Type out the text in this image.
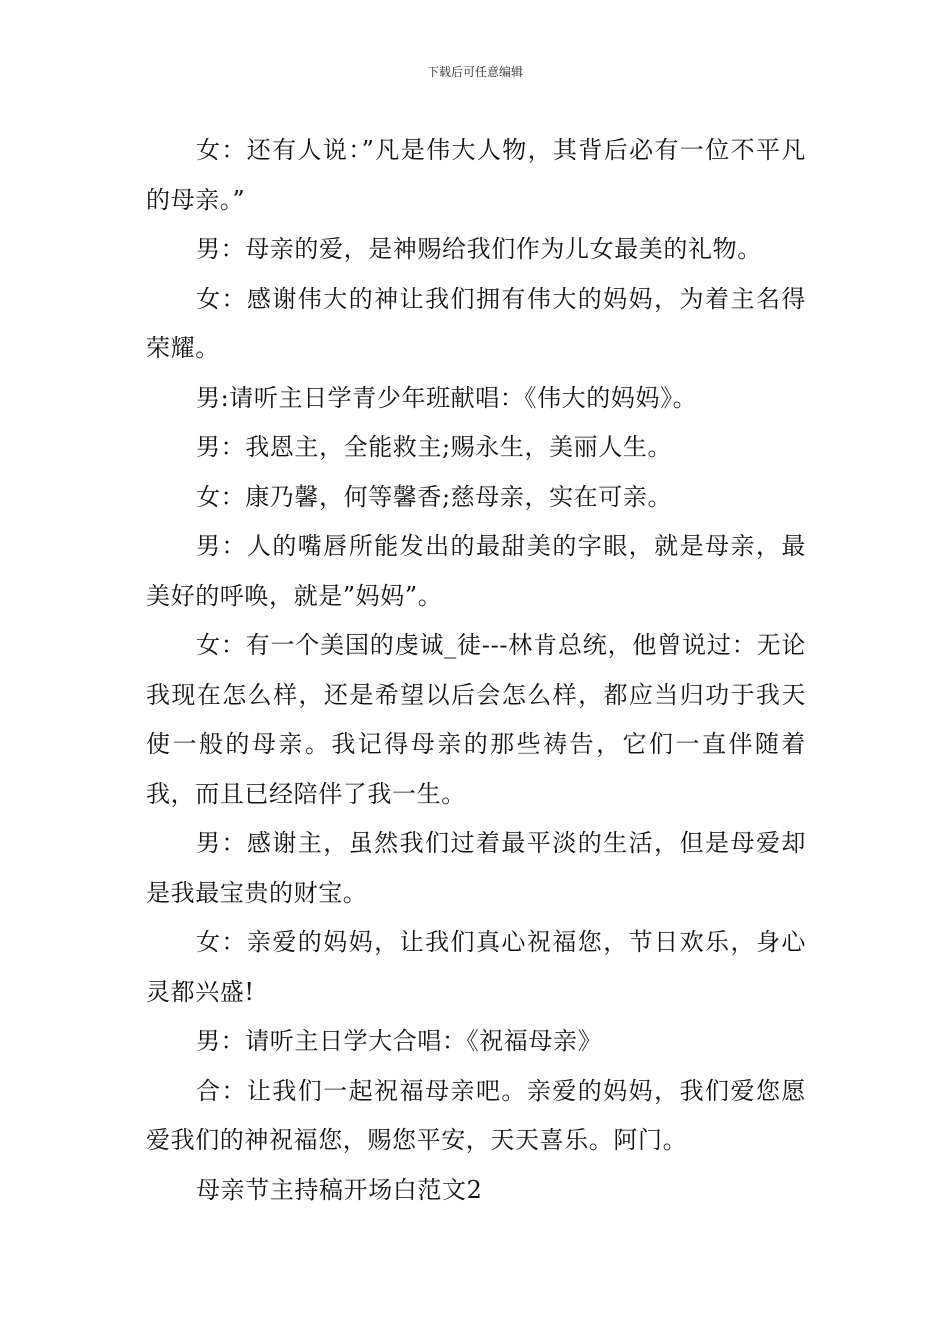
下载后可任意编辑

女：还有人说：”凡是伟大人物，其背后必有一位不平凡的母亲。”

男：母亲的爱，是神赐给我们作为儿女最美的礼物。

女：感谢伟大的神让我们拥有伟大的妈妈，为着主名得荣耀。

男:请听主日学青少年班献唱：《伟大的妈妈》。

男：我恩主，全能救主;赐永生，美丽人生。

女：康乃馨，何等馨香;慈母亲，实在可亲。

男：人的嘴唇所能发出的最甜美的字眼，就是母亲，最美好的呼唤，就是”妈妈”。

女：有一个美国的虔诚_徒---林肯总统，他曾说过：无论我现在怎么样，还是希望以后会怎么样，都应当归功于我天使一般的母亲。我记得母亲的那些祷告，它们一直伴随着我，而且已经陪伴了我一生。

男：感谢主，虽然我们过着最平淡的生活，但是母爱却是我最宝贵的财宝。

女：亲爱的妈妈，让我们真心祝福您，节日欢乐，身心灵都兴盛!

男：请听主日学大合唱：《祝福母亲》

合：让我们一起祝福母亲吧。亲爱的妈妈，我们爱您愿爱我们的神祝福您，赐您平安，天天喜乐。阿门。

母亲节主持稿开场白范文2
